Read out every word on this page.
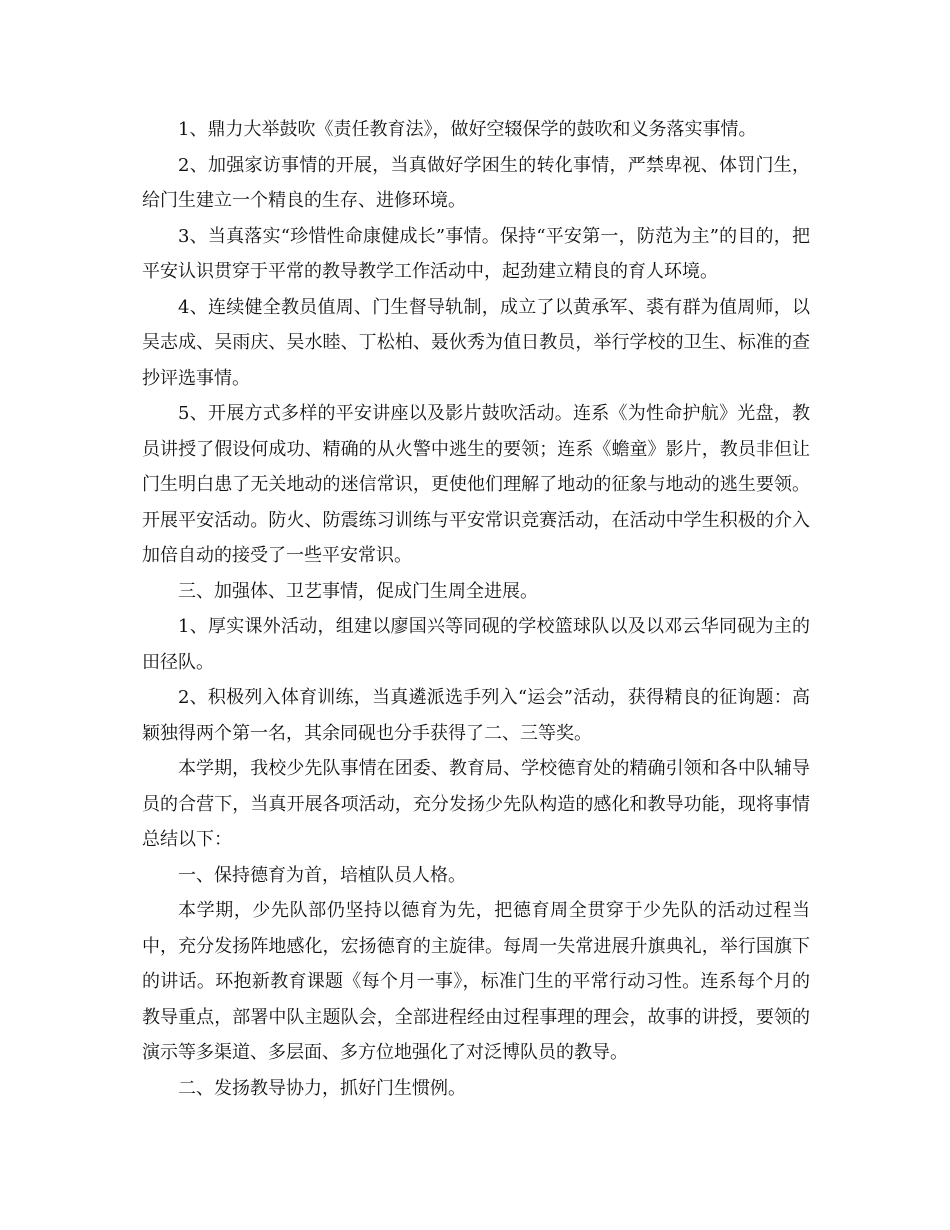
1、鼎力大举鼓吹《责任教育法》，做好空辍保学的鼓吹和义务落实事情。

2、加强家访事情的开展，当真做好学困生的转化事情，严禁卑视、体罚门生，给门生建立一个精良的生存、进修环境。

3、当真落实“珍惜性命康健成长”事情。保持“平安第一，防范为主”的目的，把平安认识贯穿于平常的教导教学工作活动中，起劲建立精良的育人环境。

4、连续健全教员值周、门生督导轨制，成立了以黄承军、裘有群为值周师，以吴志成、吴雨庆、吴水睦、丁松柏、聂伙秀为值日教员，举行学校的卫生、标准的查抄评选事情。

5、开展方式多样的平安讲座以及影片鼓吹活动。连系《为性命护航》光盘，教员讲授了假设何成功、精确的从火警中逃生的要领；连系《蟾童》影片，教员非但让门生明白患了无关地动的迷信常识，更使他们理解了地动的征象与地动的逃生要领。开展平安活动。防火、防震练习训练与平安常识竞赛活动，在活动中学生积极的介入加倍自动的接受了一些平安常识。

三、加强体、卫艺事情，促成门生周全进展。

1、厚实课外活动，组建以廖国兴等同砚的学校篮球队以及以邓云华同砚为主的田径队。

2、积极列入体育训练，当真遴派选手列入“运会”活动，获得精良的征询题：高颖独得两个第一名，其余同砚也分手获得了二、三等奖。

本学期，我校少先队事情在团委、教育局、学校德育处的精确引领和各中队辅导员的合营下，当真开展各项活动，充分发扬少先队构造的感化和教导功能，现将事情总结以下：

一、保持德育为首，培植队员人格。

本学期，少先队部仍坚持以德育为先，把德育周全贯穿于少先队的活动过程当中，充分发扬阵地感化，宏扬德育的主旋律。每周一失常进展升旗典礼，举行国旗下的讲话。环抱新教育课题《每个月一事》，标准门生的平常行动习性。连系每个月的教导重点，部署中队主题队会，全部进程经由过程事理的理会，故事的讲授，要领的演示等多渠道、多层面、多方位地强化了对泛博队员的教导。

二、发扬教导协力，抓好门生惯例。
